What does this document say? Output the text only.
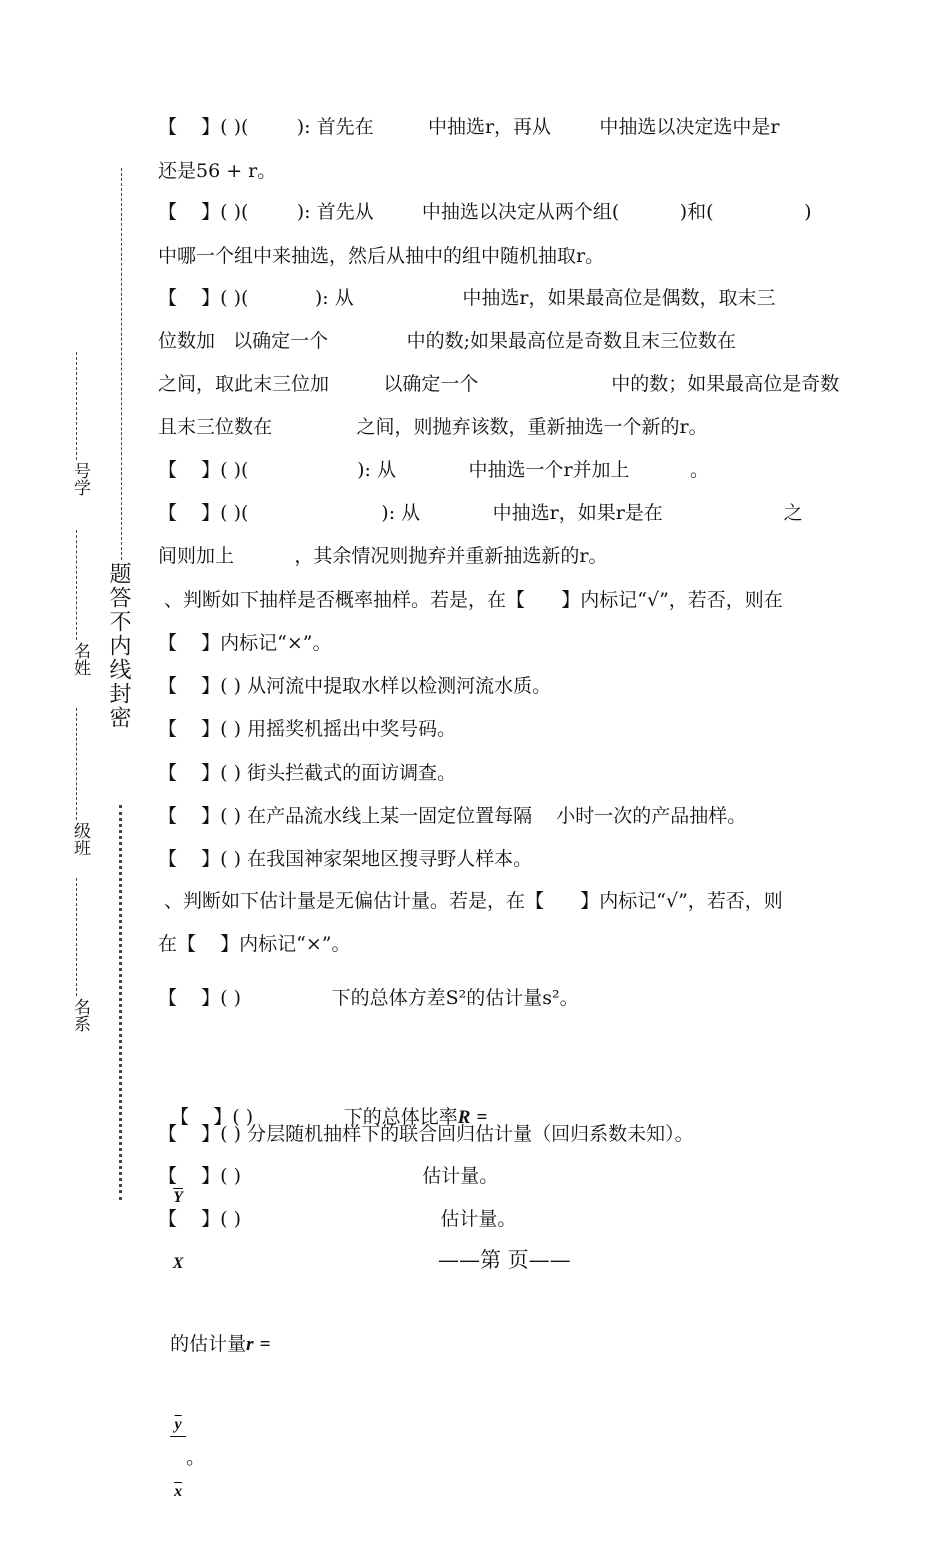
题答不内线封密
号学
名姓
级班
名系
【    】( )(        ): 首先在         中抽选r，再从        中抽选以决定选中是r
还是56 + r。
【    】( )(        ): 首先从        中抽选以决定从两个组(          )和(               )
中哪一个组中来抽选，然后从抽中的组中随机抽取r。
【    】( )(           ): 从                  中抽选r，如果最高位是偶数，取末三
位数加   以确定一个             中的数;如果最高位是奇数且末三位数在
之间，取此末三位加         以确定一个                      中的数；如果最高位是奇数
且末三位数在              之间，则抛弃该数，重新抽选一个新的r。
【    】( )(                  ): 从            中抽选一个r并加上          。
【    】( )(                      ): 从            中抽选r，如果r是在                    之
间则加上          ，其余情况则抛弃并重新抽选新的r。
、判断如下抽样是否概率抽样。若是，在【      】内标记“√”，若否，则在
【    】内标记“×”。
【    】( ) 从河流中提取水样以检测河流水质。
【    】( ) 用摇奖机摇出中奖号码。
【    】( ) 街头拦截式的面访调查。
【    】( ) 在产品流水线上某一固定位置每隔    小时一次的产品抽样。
【    】( ) 在我国神家架地区搜寻野人样本。
、判断如下估计量是无偏估计量。若是，在【      】内标记“√”，若否，则
在【    】内标记“×”。
【    】( )               下的总体方差S²的估计量s²。

【    】( )               下的总体比率R =

$\overline{Y}$

X

的估计量r =

$\frac{\overline{y}}{x}$ 。

【    】( ) 分层随机抽样下的联合回归估计量（回归系数未知）。
【    】( )                              估计量。
【    】( )                                 估计量。
——第 页——
